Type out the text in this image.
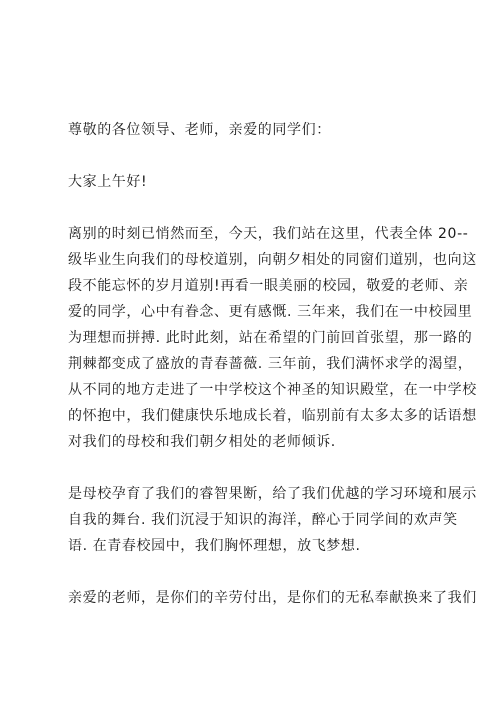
尊敬的各位领导、老师，亲爱的同学们：
大家上午好!
离别的时刻已悄然而至，今天，我们站在这里，代表全体 20--
级毕业生向我们的母校道别，向朝夕相处的同窗们道别，也向这
段不能忘怀的岁月道别!再看一眼美丽的校园，敬爱的老师、亲
爱的同学，心中有眷念、更有感慨. 三年来，我们在一中校园里
为理想而拼搏. 此时此刻，站在希望的门前回首张望，那一路的
荆棘都变成了盛放的青春蔷薇. 三年前，我们满怀求学的渴望，
从不同的地方走进了一中学校这个神圣的知识殿堂，在一中学校
的怀抱中，我们健康快乐地成长着，临别前有太多太多的话语想
对我们的母校和我们朝夕相处的老师倾诉.
是母校孕育了我们的睿智果断，给了我们优越的学习环境和展示
自我的舞台. 我们沉浸于知识的海洋，醉心于同学间的欢声笑
语. 在青春校园中，我们胸怀理想，放飞梦想.
亲爱的老师，是你们的辛劳付出，是你们的无私奉献换来了我们
